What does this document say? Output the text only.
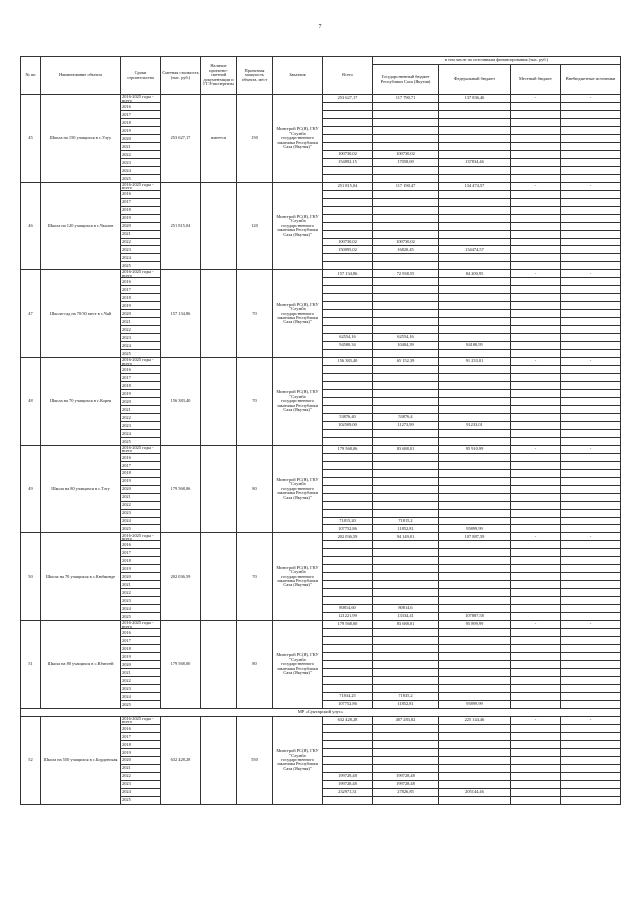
7
№ пп	Наименование объекта	Сроки строительства	Сметная стоимость (тыс. руб.)	Наличие проектно-сметной документации и ГГЭ/экспертизы	Проектная мощность объекта, мест	Заказчик	Всего	в том числе по источникам финансирования (тыс. руб.)			
								Государственный бюджет Республики Саха (Якутия)	Федеральный бюджет	Местный бюджет	Внебюджетные источники
45	Школа на 150 учащихся в с.Улуу	2016-2025 годы - всего	253 627,17	имеется	150	Минстрой РС(Я), ГКУ "Служба государственного заказчика Республики Саха (Якутия)"	253 627,17	117 790,71	137 836,46	-	-
		2016									
		2017									
		2018									
		2019									
		2020									
		2021									
		2022					100730,02	100730,02			
		2023					154892,15	17058,69	137834,46		
		2024									
		2025									
46	Школа на 120 учащихся в с.Чкалов	2016-2025 годы - всего	251 815,04		120	Минстрой РС(Я), ГКУ "Служба государственного заказчика Республики Саха (Якутия)"	251 815,04	117 190,47	134 474,57	-	-
		2016									
		2017									
		2018									
		2019									
		2020									
		2021									
		2022					100730,02	100730,02			
		2023					150095,02	16820,45	134474,57		
		2024									
		2025									
47	Школа-сад на 70/30 мест в с.Чай	2016-2025 годы - всего	157 134,86		70	Минстрой РС(Я), ГКУ "Служба государственного заказчика Республики Саха (Якутия)"	157 134,86	72 938,55	84 200,95	-	-
		2016									
		2017									
		2018									
		2019									
		2020									
		2021									
		2022									
		2023					62554,16	62554,16			
		2024					94580,34	10404,39	84180,95		
		2025									
48	Школа на 70 учащихся в с.Корея	2016-2025 годы - всего	156 383,40		70	Минстрой РС(Я), ГКУ "Служба государственного заказчика Республики Саха (Якутия)"	156 383,40	65 152,39	91 233,01	-	-
		2016									
		2017									
		2018									
		2019									
		2020									
		2021									
		2022					53876,40	53876,4			
		2023					102509,00	11273,99	91233,01		
		2024									
		2025									
49	Школа на 80 учащихся в с.Тэгу	2016-2025 годы - всего	179 568,06		80	Минстрой РС(Я), ГКУ "Служба государственного заказчика Республики Саха (Якутия)"	179 568,06	83 688,01	95 910,99	-	-
		2016									
		2017									
		2018									
		2019									
		2020									
		2021									
		2022									
		2023									
		2024					71815,20	71815,2			
		2025					107752,86	11852,81	95899,99		
50	Школа на 70 учащихся в с.Кюбяинде	2016-2025 годы - всего	202 036,59		70	Минстрой РС(Я), ГКУ "Служба государственного заказчика Республики Саха (Якутия)"	202 036,59	94 149,01	107 887,59	-	-
		2016									
		2017									
		2018									
		2019									
		2020									
		2021									
		2022									
		2023									
		2024					80814,60	80814,6			
		2025					121221,99	13334,41	107887,58		
51	Школа на 80 учащихся в с.Ючюгей	2016-2025 годы - всего	179 568,00		80	Минстрой РС(Я), ГКУ "Служба государственного заказчика Республики Саха (Якутия)"	179 568,00	83 688,01	95 899,99	-	-
		2016									
		2017									
		2018									
		2019									
		2020									
		2021									
		2022									
		2023									
		2024					71834,25	71835,2			
		2025					107752,86	11852,81	95899,99		
МР «Сунтарский улус»											
52	Школа на 550 учащихся в с.Бордонская	2016-2025 годы - всего	632 428,28		550	Минстрой РС(Я), ГКУ "Служба государственного заказчика Республики Саха (Якутия)"	632 428,28	407 283,82	225 144,46	-	-
		2016									
		2017									
		2018									
		2019									
		2020									
		2021									
		2022					199728,48	199728,48			
		2023					199728,48	199728,48			
		2024					232971,31	27826,85	205144,46		
		2025									
